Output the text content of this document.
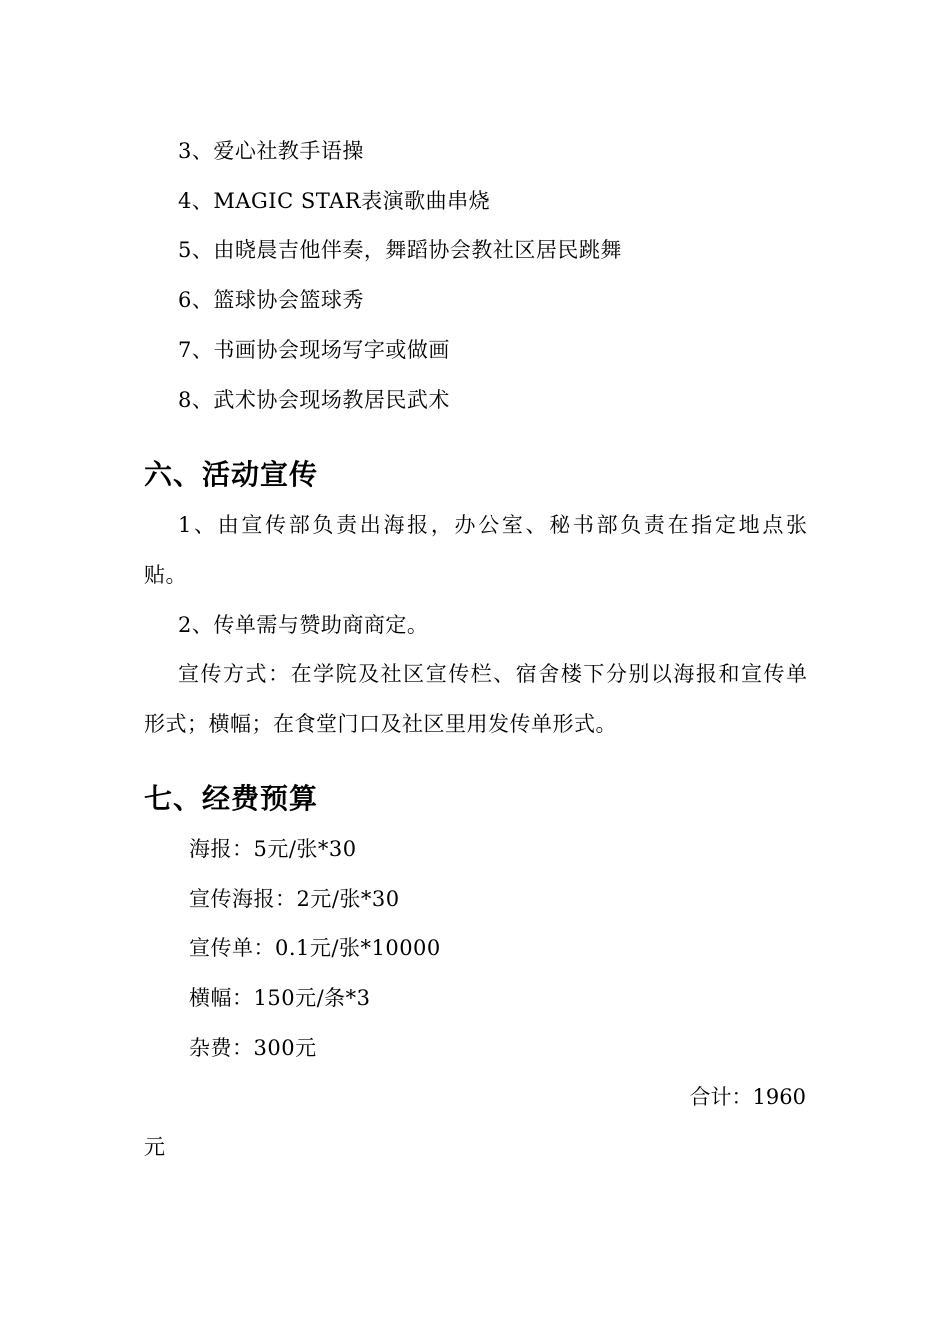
3、爱心社教手语操
4、MAGIC STAR表演歌曲串烧
5、由晓晨吉他伴奏，舞蹈协会教社区居民跳舞
6、篮球协会篮球秀
7、书画协会现场写字或做画
8、武术协会现场教居民武术
六、活动宣传
1、由宣传部负责出海报，办公室、秘书部负责在指定地点张
贴。
2、传单需与赞助商商定。
宣传方式：在学院及社区宣传栏、宿舍楼下分别以海报和宣传单
形式；横幅；在食堂门口及社区里用发传单形式。
七、经费预算
海报：5元/张*30
宣传海报：2元/张*30
宣传单：0.1元/张*10000
横幅：150元/条*3
杂费：300元
合计：1960
元
